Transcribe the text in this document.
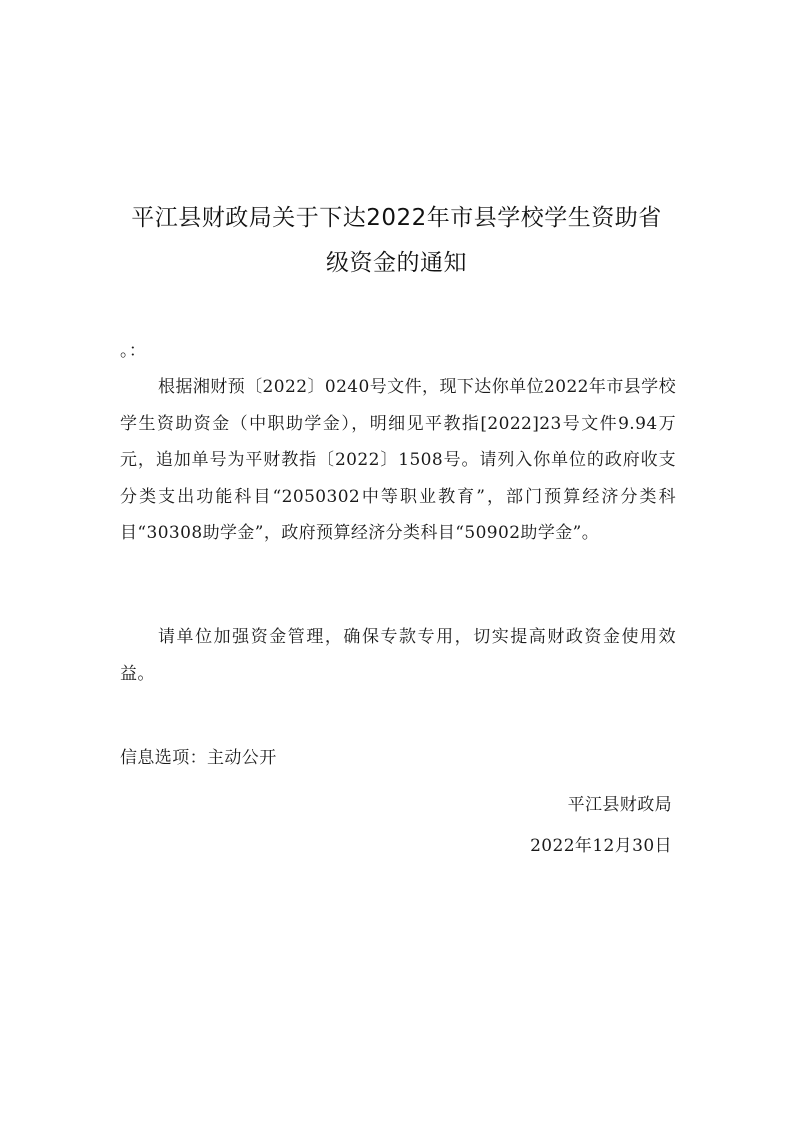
平江县财政局关于下达2022年市县学校学生资助省
级资金的通知
。：
根据湘财预〔2022〕0240号文件，现下达你单位2022年市县学校学生资助资金（中职助学金），明细见平教指[2022]23号文件9.94万元，追加单号为平财教指〔2022〕1508号。请列入你单位的政府收支分类支出功能科目“2050302中等职业教育”，部门预算经济分类科目“30308助学金”，政府预算经济分类科目“50902助学金”。
请单位加强资金管理，确保专款专用，切实提高财政资金使用效益。
信息选项：主动公开
平江县财政局
2022年12月30日
